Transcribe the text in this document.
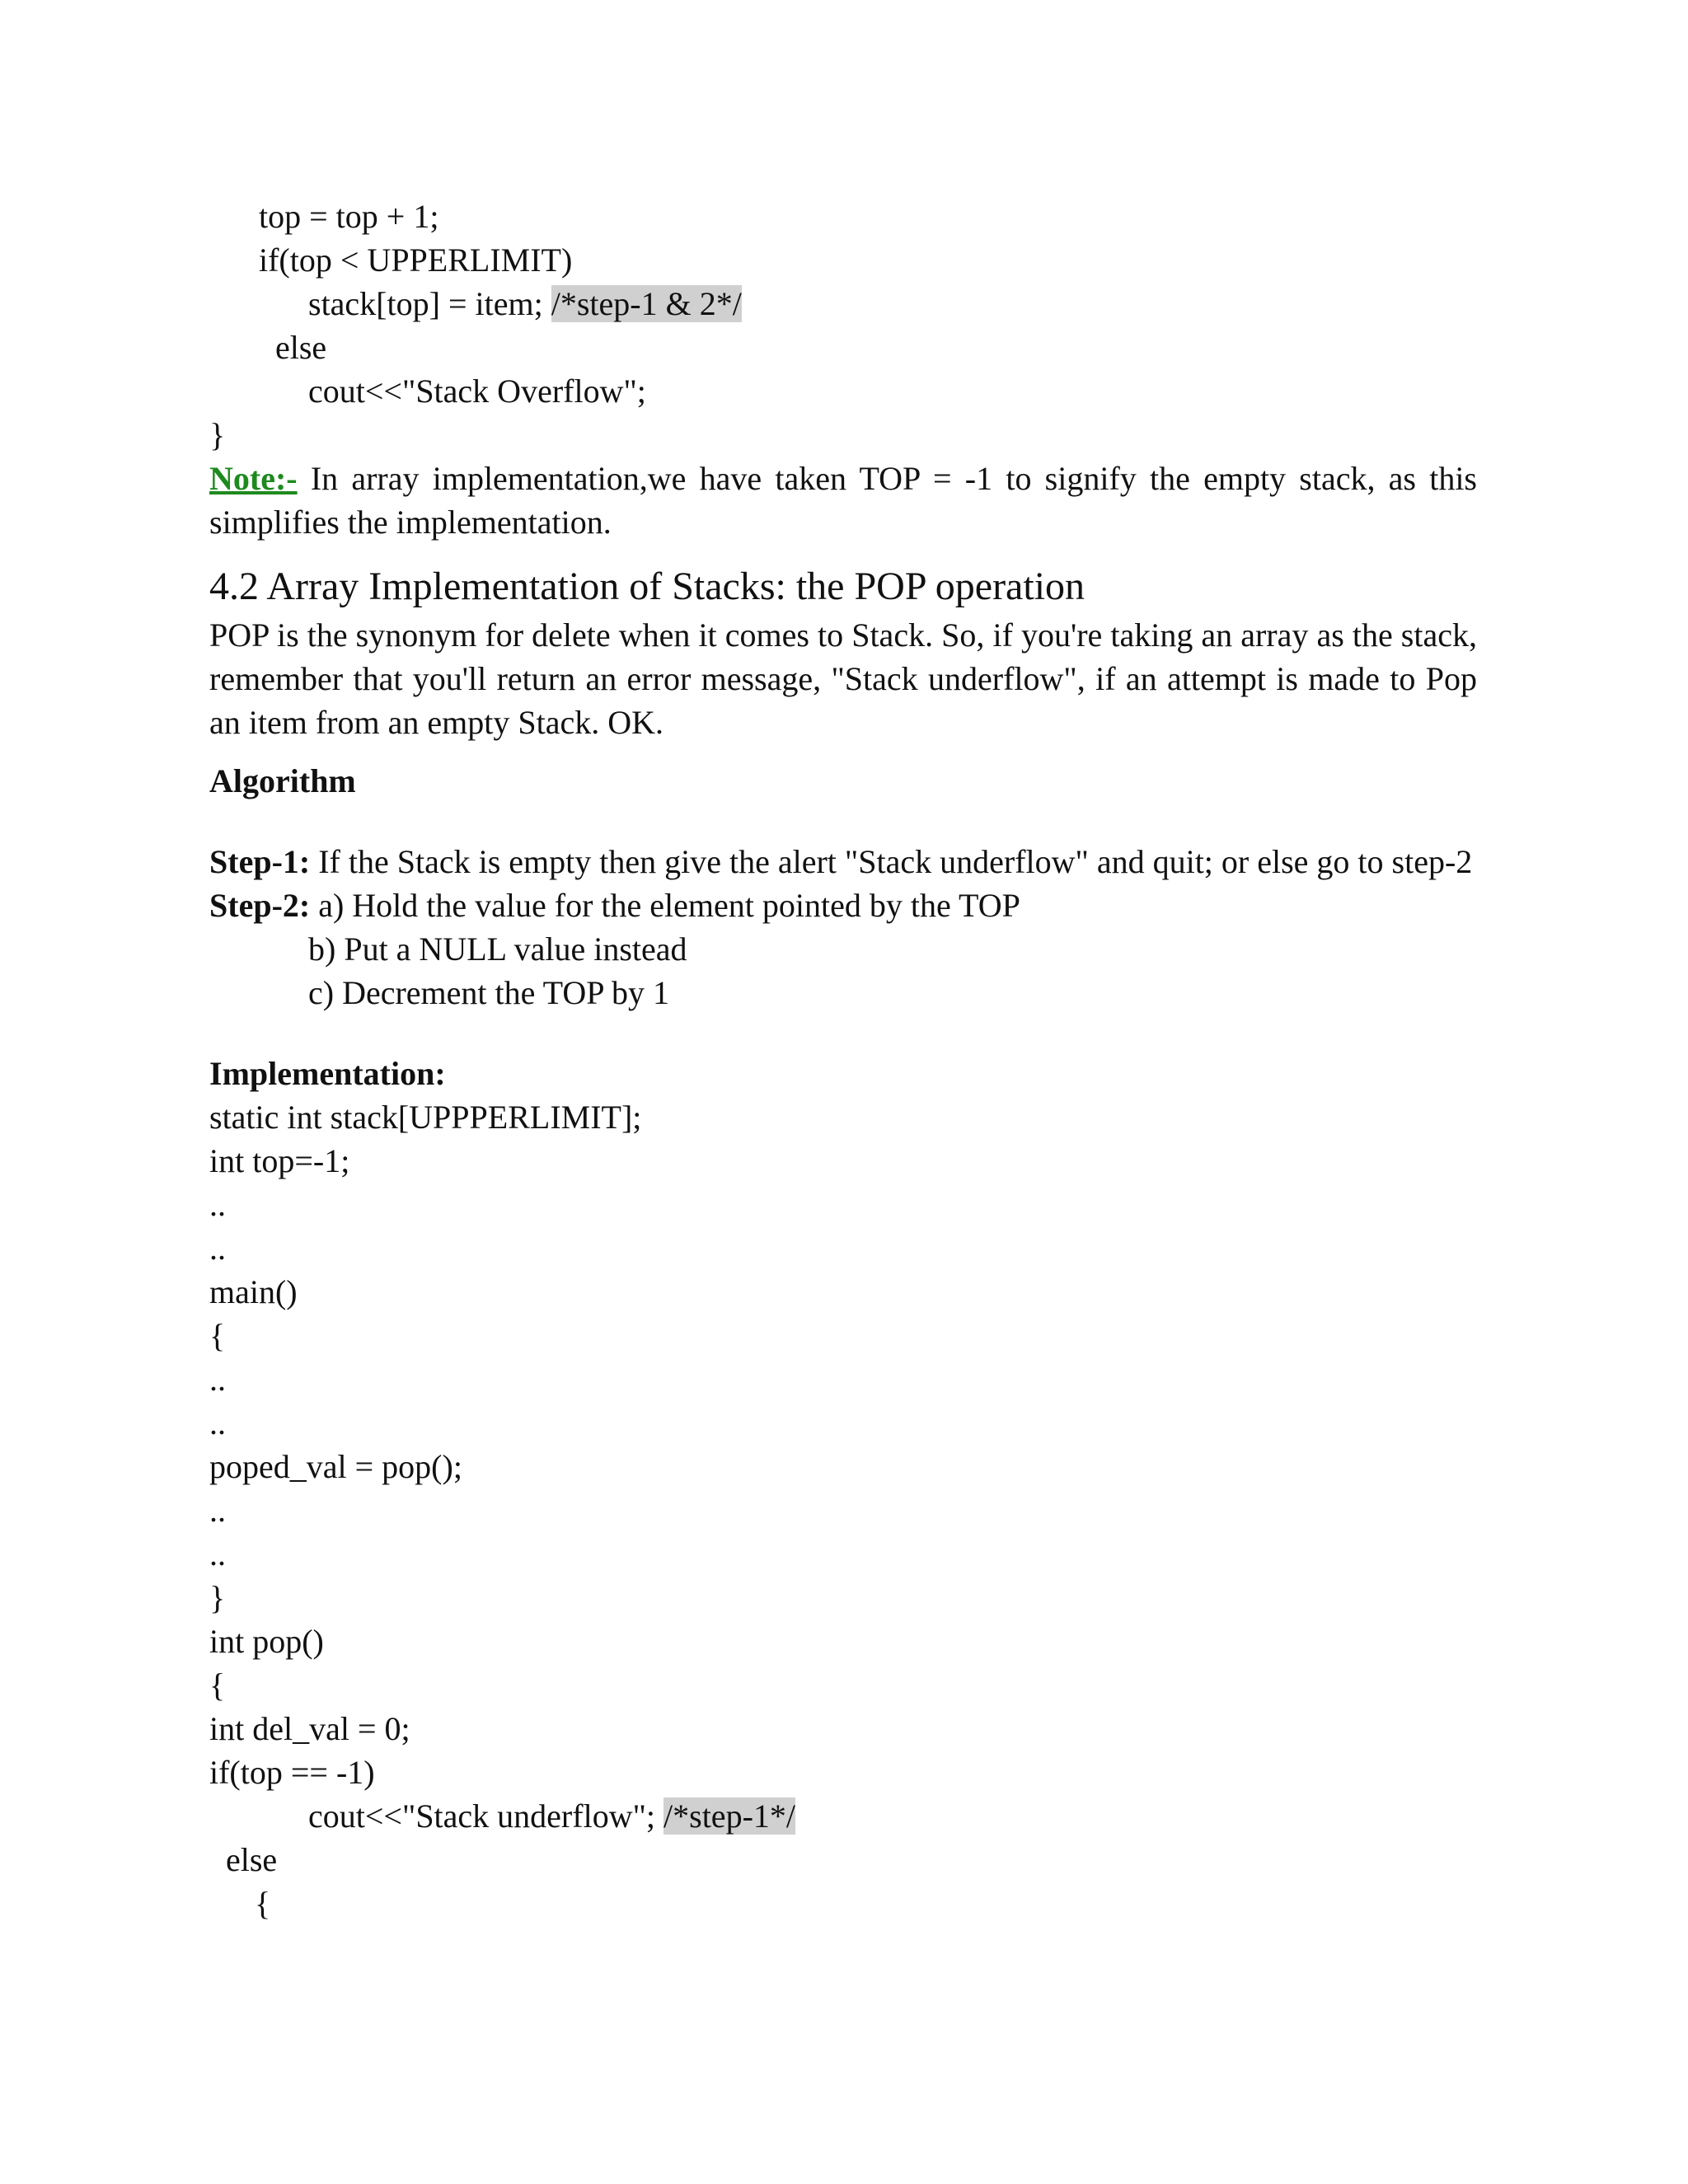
top = top + 1;
if(top < UPPERLIMIT)
stack[top] = item; /*step-1 & 2*/
else
cout<<"Stack Overflow";
}

Note:- In array implementation,we have taken TOP = -1 to signify the empty stack, as this simplifies the implementation.

4.2 Array Implementation of Stacks: the POP operation

POP is the synonym for delete when it comes to Stack. So, if you're taking an array as the stack, remember that you'll return an error message, "Stack underflow", if an attempt is made to Pop an item from an empty Stack. OK.

Algorithm
Step-1: If the Stack is empty then give the alert "Stack underflow" and quit; or else go to step-2
Step-2: a) Hold the value for the element pointed by the TOP
b) Put a NULL value instead
c) Decrement the TOP by 1
Implementation:
static int stack[UPPPERLIMIT];
int top=-1;
..
..
main()
{
..
..
poped_val = pop();
..
..
}
int pop()
{
int del_val = 0;
if(top == -1)
cout<<"Stack underflow"; /*step-1*/
else
{
